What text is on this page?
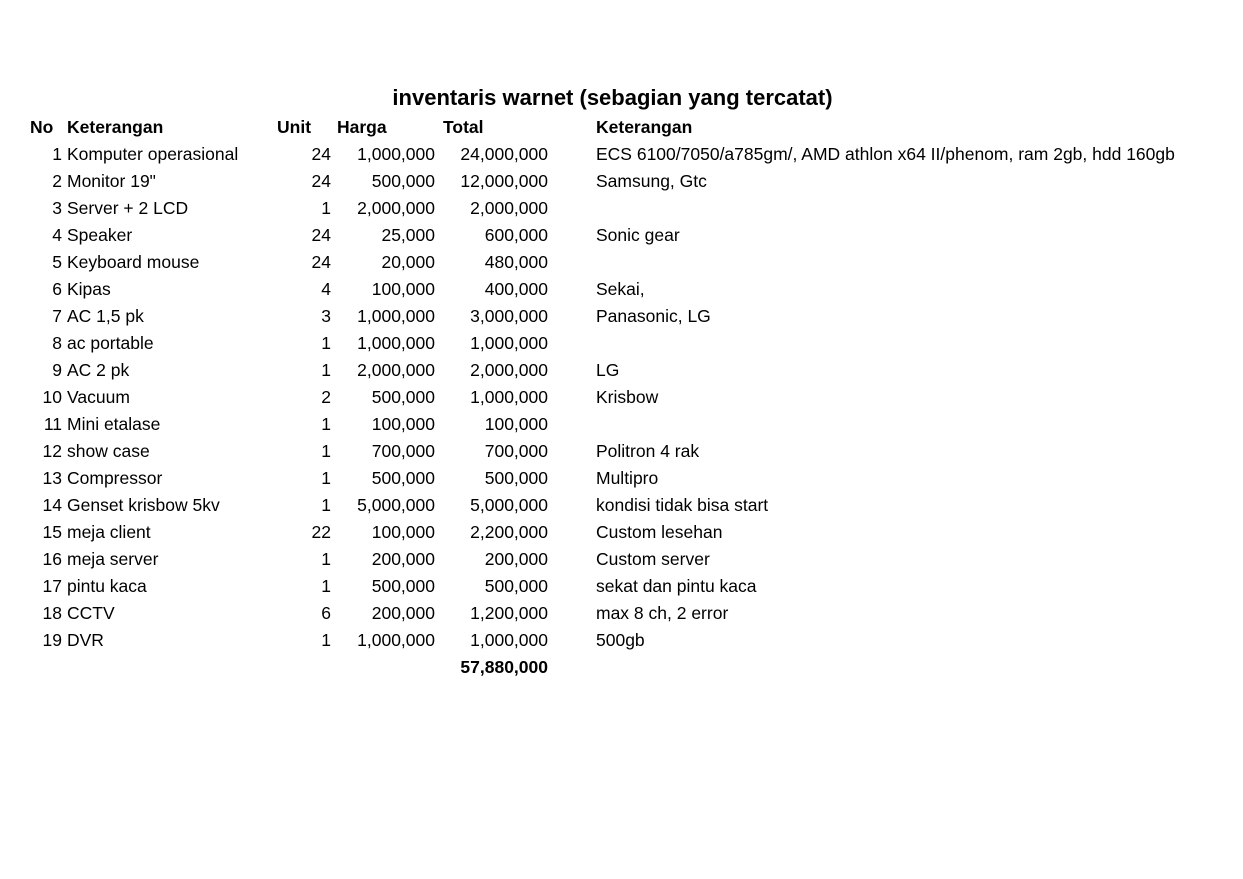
inventaris warnet (sebagian yang tercatat)
No	Keterangan	Unit	Harga	Total		Keterangan
1	Komputer operasional	24	1,000,000	24,000,000		ECS 6100/7050/a785gm/, AMD athlon x64 II/phenom, ram 2gb, hdd 160gb
2	Monitor 19"	24	500,000	12,000,000		Samsung, Gtc
3	Server + 2 LCD	1	2,000,000	2,000,000		
4	Speaker	24	25,000	600,000		Sonic gear
5	Keyboard mouse	24	20,000	480,000		
6	Kipas	4	100,000	400,000		Sekai,
7	AC 1,5 pk	3	1,000,000	3,000,000		Panasonic, LG
8	ac portable	1	1,000,000	1,000,000		
9	AC 2 pk	1	2,000,000	2,000,000		LG
10	Vacuum	2	500,000	1,000,000		Krisbow
11	Mini etalase	1	100,000	100,000		
12	show case	1	700,000	700,000		Politron 4 rak
13	Compressor	1	500,000	500,000		Multipro
14	Genset krisbow 5kv	1	5,000,000	5,000,000		kondisi tidak bisa start
15	meja client	22	100,000	2,200,000		Custom lesehan
16	meja server	1	200,000	200,000		Custom server
17	pintu kaca	1	500,000	500,000		sekat dan pintu kaca
18	CCTV	6	200,000	1,200,000		max 8 ch, 2 error
19	DVR	1	1,000,000	1,000,000		500gb
				57,880,000		
